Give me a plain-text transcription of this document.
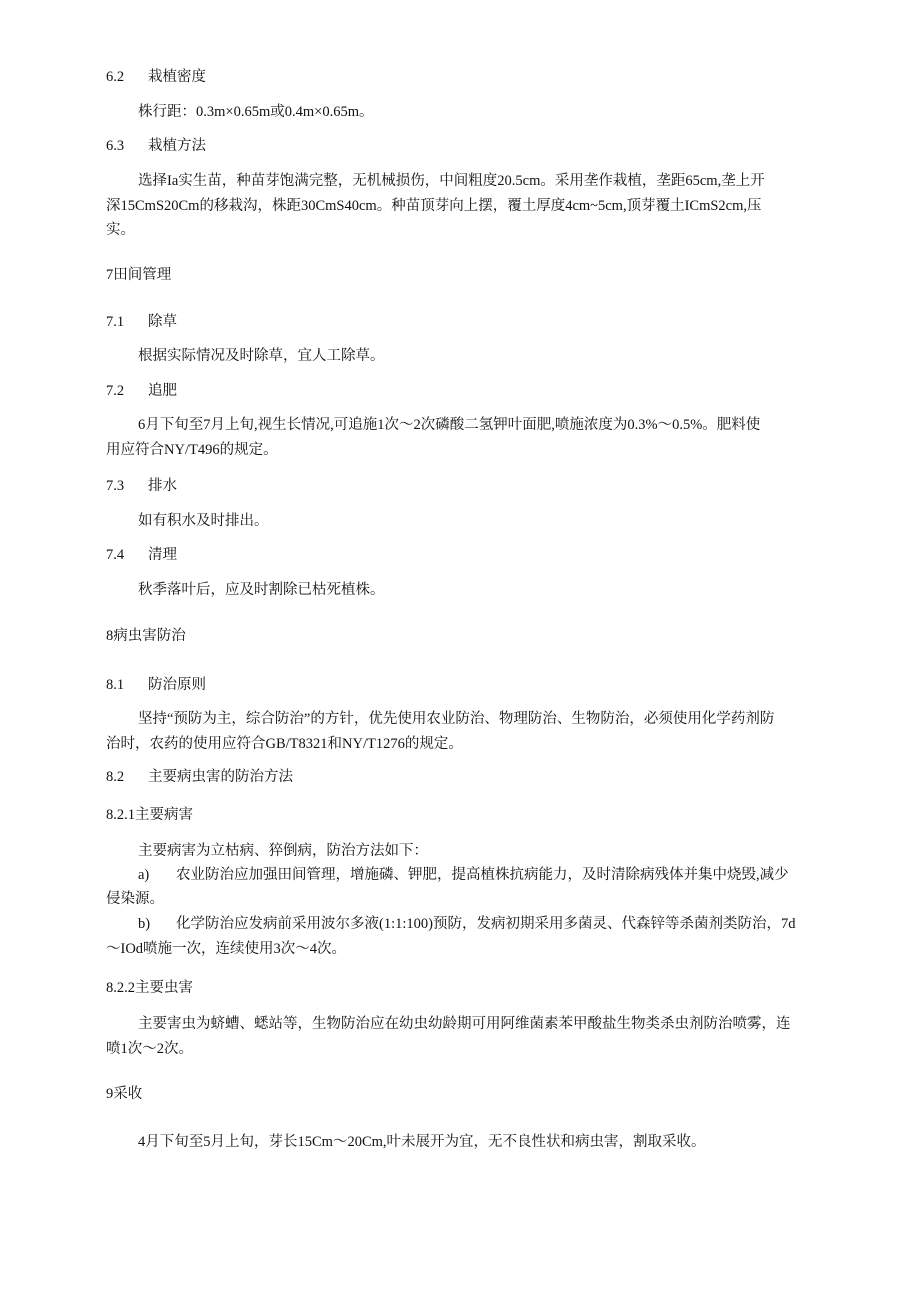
6.2 栽植密度
株行距：0.3m×0.65m或0.4m×0.65m。
6.3 栽植方法
选择Ia实生苗，种苗芽饱满完整，无机械损伤，中间粗度20.5cm。采用垄作栽植，垄距65cm,垄上开
深15CmS20Cm的移栽沟，株距30CmS40cm。种苗顶芽向上摆，覆土厚度4cm~5cm,顶芽覆土ICmS2cm,压
实。
7田间管理
7.1 除草
根据实际情况及时除草，宜人工除草。
7.2 追肥
6月下旬至7月上旬,视生长情况,可追施1次～2次磷酸二氢钾叶面肥,喷施浓度为0.3%～0.5%。肥料使
用应符合NY/T496的规定。
7.3 排水
如有积水及时排出。
7.4 清理
秋季落叶后，应及时割除已枯死植株。
8病虫害防治
8.1 防治原则
坚持“预防为主，综合防治”的方针，优先使用农业防治、物理防治、生物防治，必须使用化学药剂防
治时，农药的使用应符合GB/T8321和NY/T1276的规定。
8.2 主要病虫害的防治方法
8.2.1主要病害
主要病害为立枯病、猝倒病，防治方法如下：
a) 农业防治应加强田间管理，增施磷、钾肥，提高植株抗病能力，及时清除病残体并集中烧毁,减少
侵染源。
b) 化学防治应发病前采用波尔多液(1:1:100)预防，发病初期采用多菌灵、代森锌等杀菌剂类防治，7d
～IOd喷施一次，连续使用3次～4次。
8.2.2主要虫害
主要害虫为蛴螬、蟋站等，生物防治应在幼虫幼龄期可用阿维菌素苯甲酸盐生物类杀虫剂防治喷雾，连
喷1次～2次。
9采收
4月下旬至5月上旬，芽长15Cm～20Cm,叶未展开为宜，无不良性状和病虫害，割取采收。
